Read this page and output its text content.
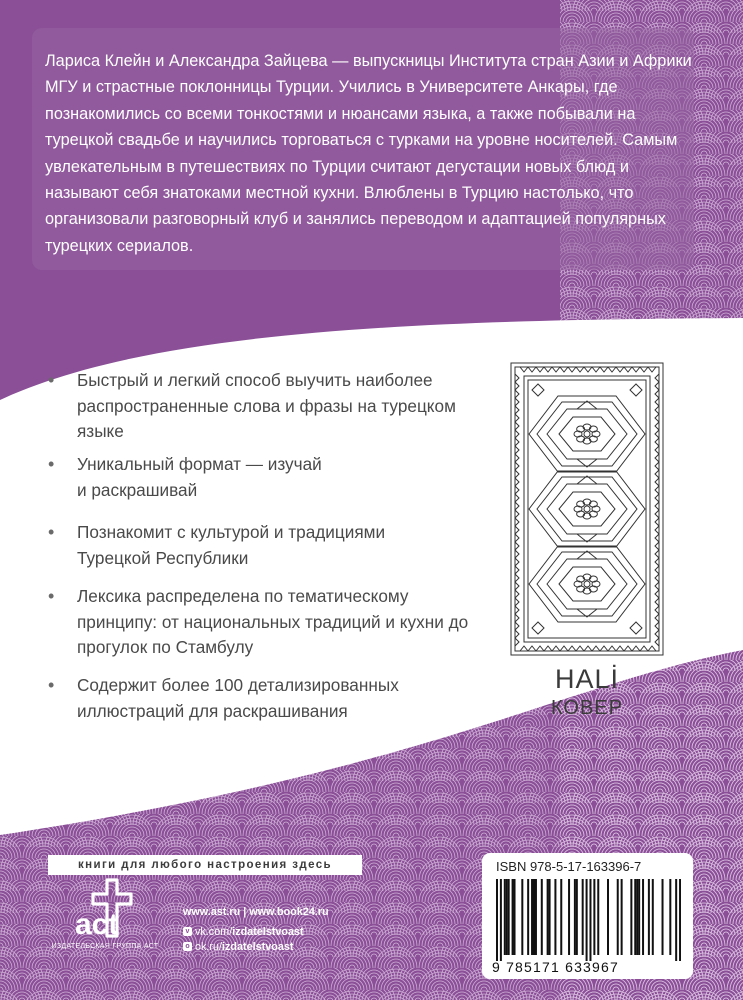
Лариса Клейн и Александра Зайцева — выпускницы Института стран Азии и Африки МГУ и страстные поклонницы Турции. Учились в Университете Анкары, где познакомились со всеми тонкостями и нюансами языка, а также побывали на турецкой свадьбе и научились торговаться с турками на уровне носителей. Самым увлекательным в путешествиях по Турции считают дегустации новых блюд и называют себя знатоками местной кухни. Влюблены в Турцию настолько, что организовали разговорный клуб и занялись переводом и адаптацией популярных турецких сериалов.

• Быстрый и легкий способ выучить наиболее распространенные слова и фразы на турецком языке
• Уникальный формат — изучай и раскрашивай
• Познакомит с культурой и традициями Турецкой Республики
• Лексика распределена по тематическому принципу: от национальных традиций и кухни до прогулок по Стамбулу
• Содержит более 100 детализированных иллюстраций для раскрашивания
HALİ
КОВЕР
книги для любого настроения здесь
act
ИЗДАТЕЛЬСКАЯ ГРУППА АСТ
www.ast.ru | www.book24.ru
v vk.com/izdatelstvoast
o ok.ru/izdatelstvoast
ISBN 978-5-17-163396-7
9 785171 633967
